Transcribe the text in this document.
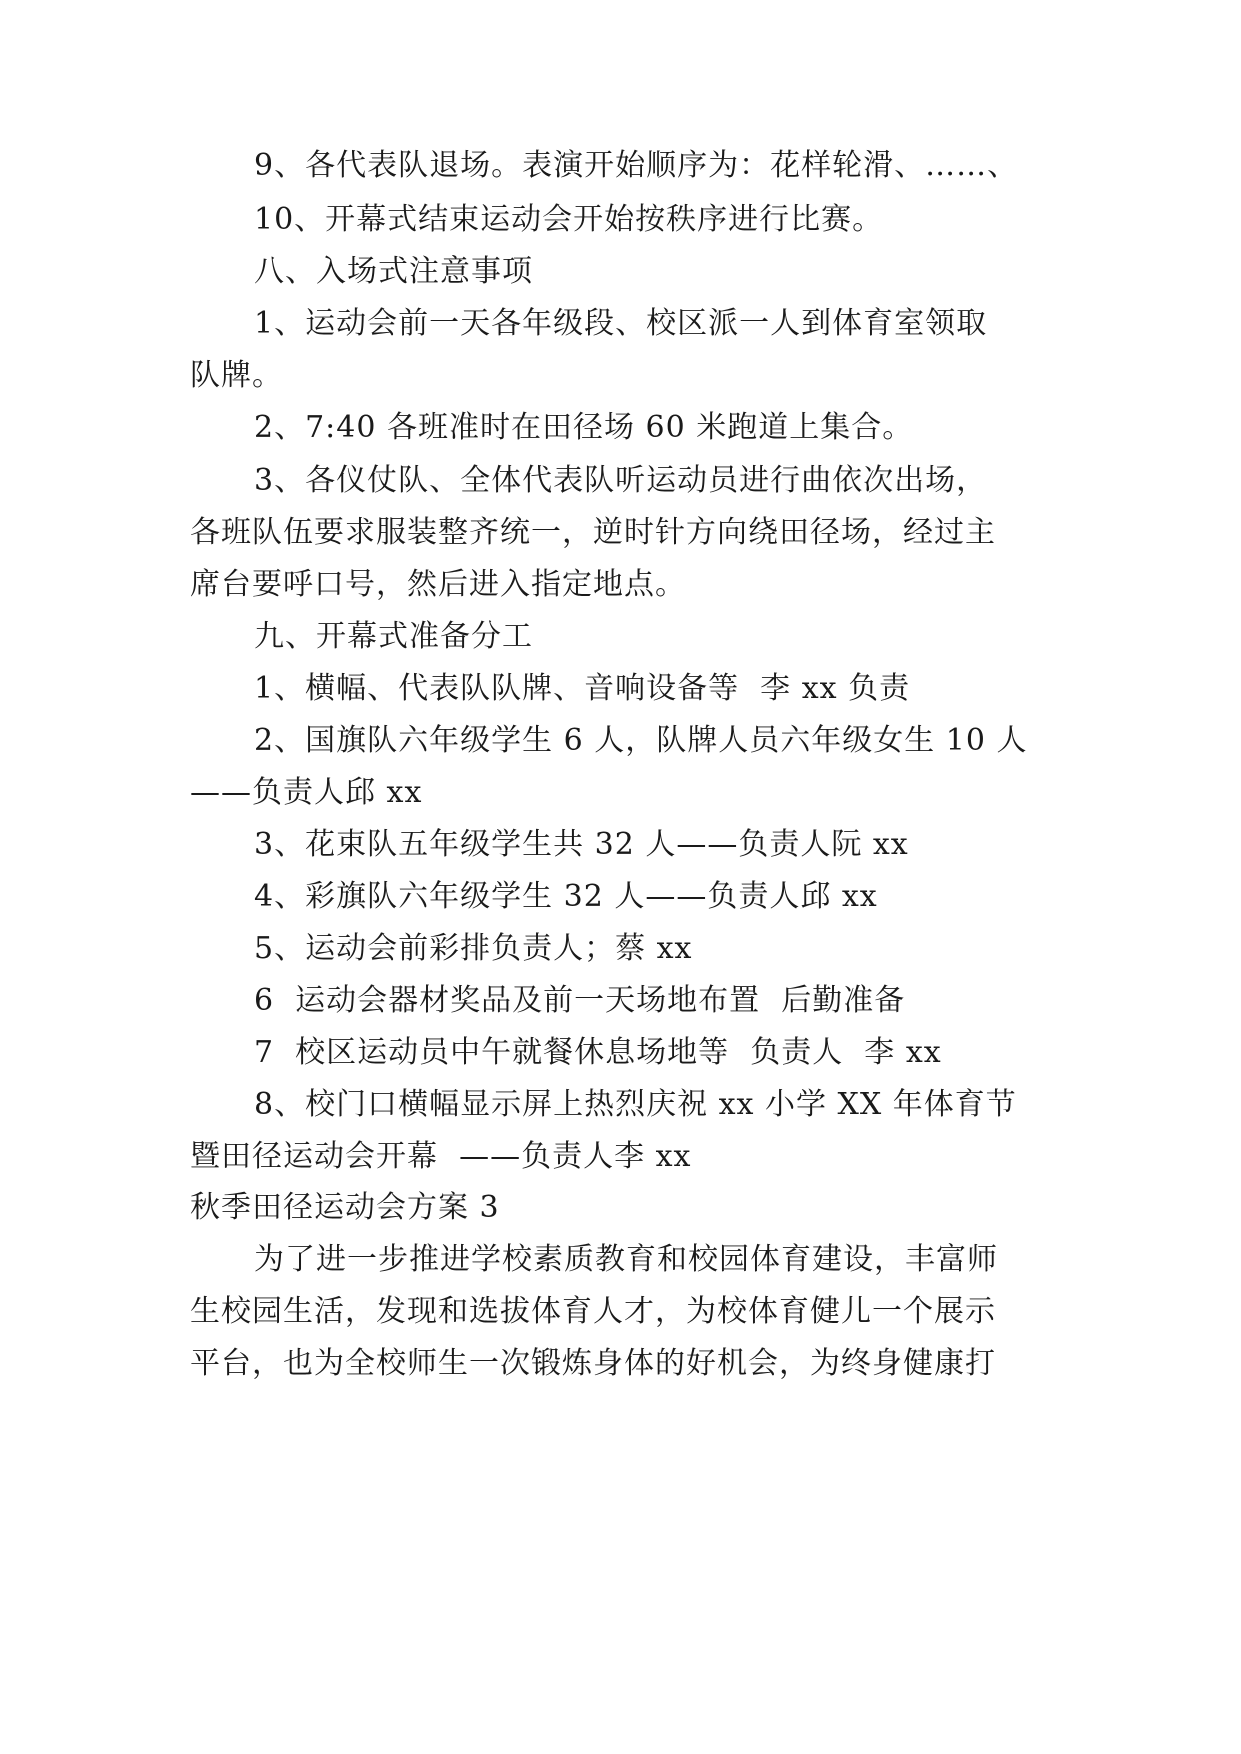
9、各代表队退场。表演开始顺序为：花样轮滑、……、
10、开幕式结束运动会开始按秩序进行比赛。
八、入场式注意事项
1、运动会前一天各年级段、校区派一人到体育室领取
队牌。
2、7:40 各班准时在田径场 60 米跑道上集合。
3、各仪仗队、全体代表队听运动员进行曲依次出场，
各班队伍要求服装整齐统一，逆时针方向绕田径场，经过主
席台要呼口号，然后进入指定地点。
九、开幕式准备分工
1、横幅、代表队队牌、音响设备等  李 xx 负责
2、国旗队六年级学生 6 人，队牌人员六年级女生 10 人
——负责人邱 xx
3、花束队五年级学生共 32 人——负责人阮 xx
4、彩旗队六年级学生 32 人——负责人邱 xx
5、运动会前彩排负责人；蔡 xx
6  运动会器材奖品及前一天场地布置  后勤准备
7  校区运动员中午就餐休息场地等  负责人  李 xx
8、校门口横幅显示屏上热烈庆祝 xx 小学 XX 年体育节
暨田径运动会开幕  ——负责人李 xx
秋季田径运动会方案 3
为了进一步推进学校素质教育和校园体育建设，丰富师
生校园生活，发现和选拔体育人才，为校体育健儿一个展示
平台，也为全校师生一次锻炼身体的好机会，为终身健康打
